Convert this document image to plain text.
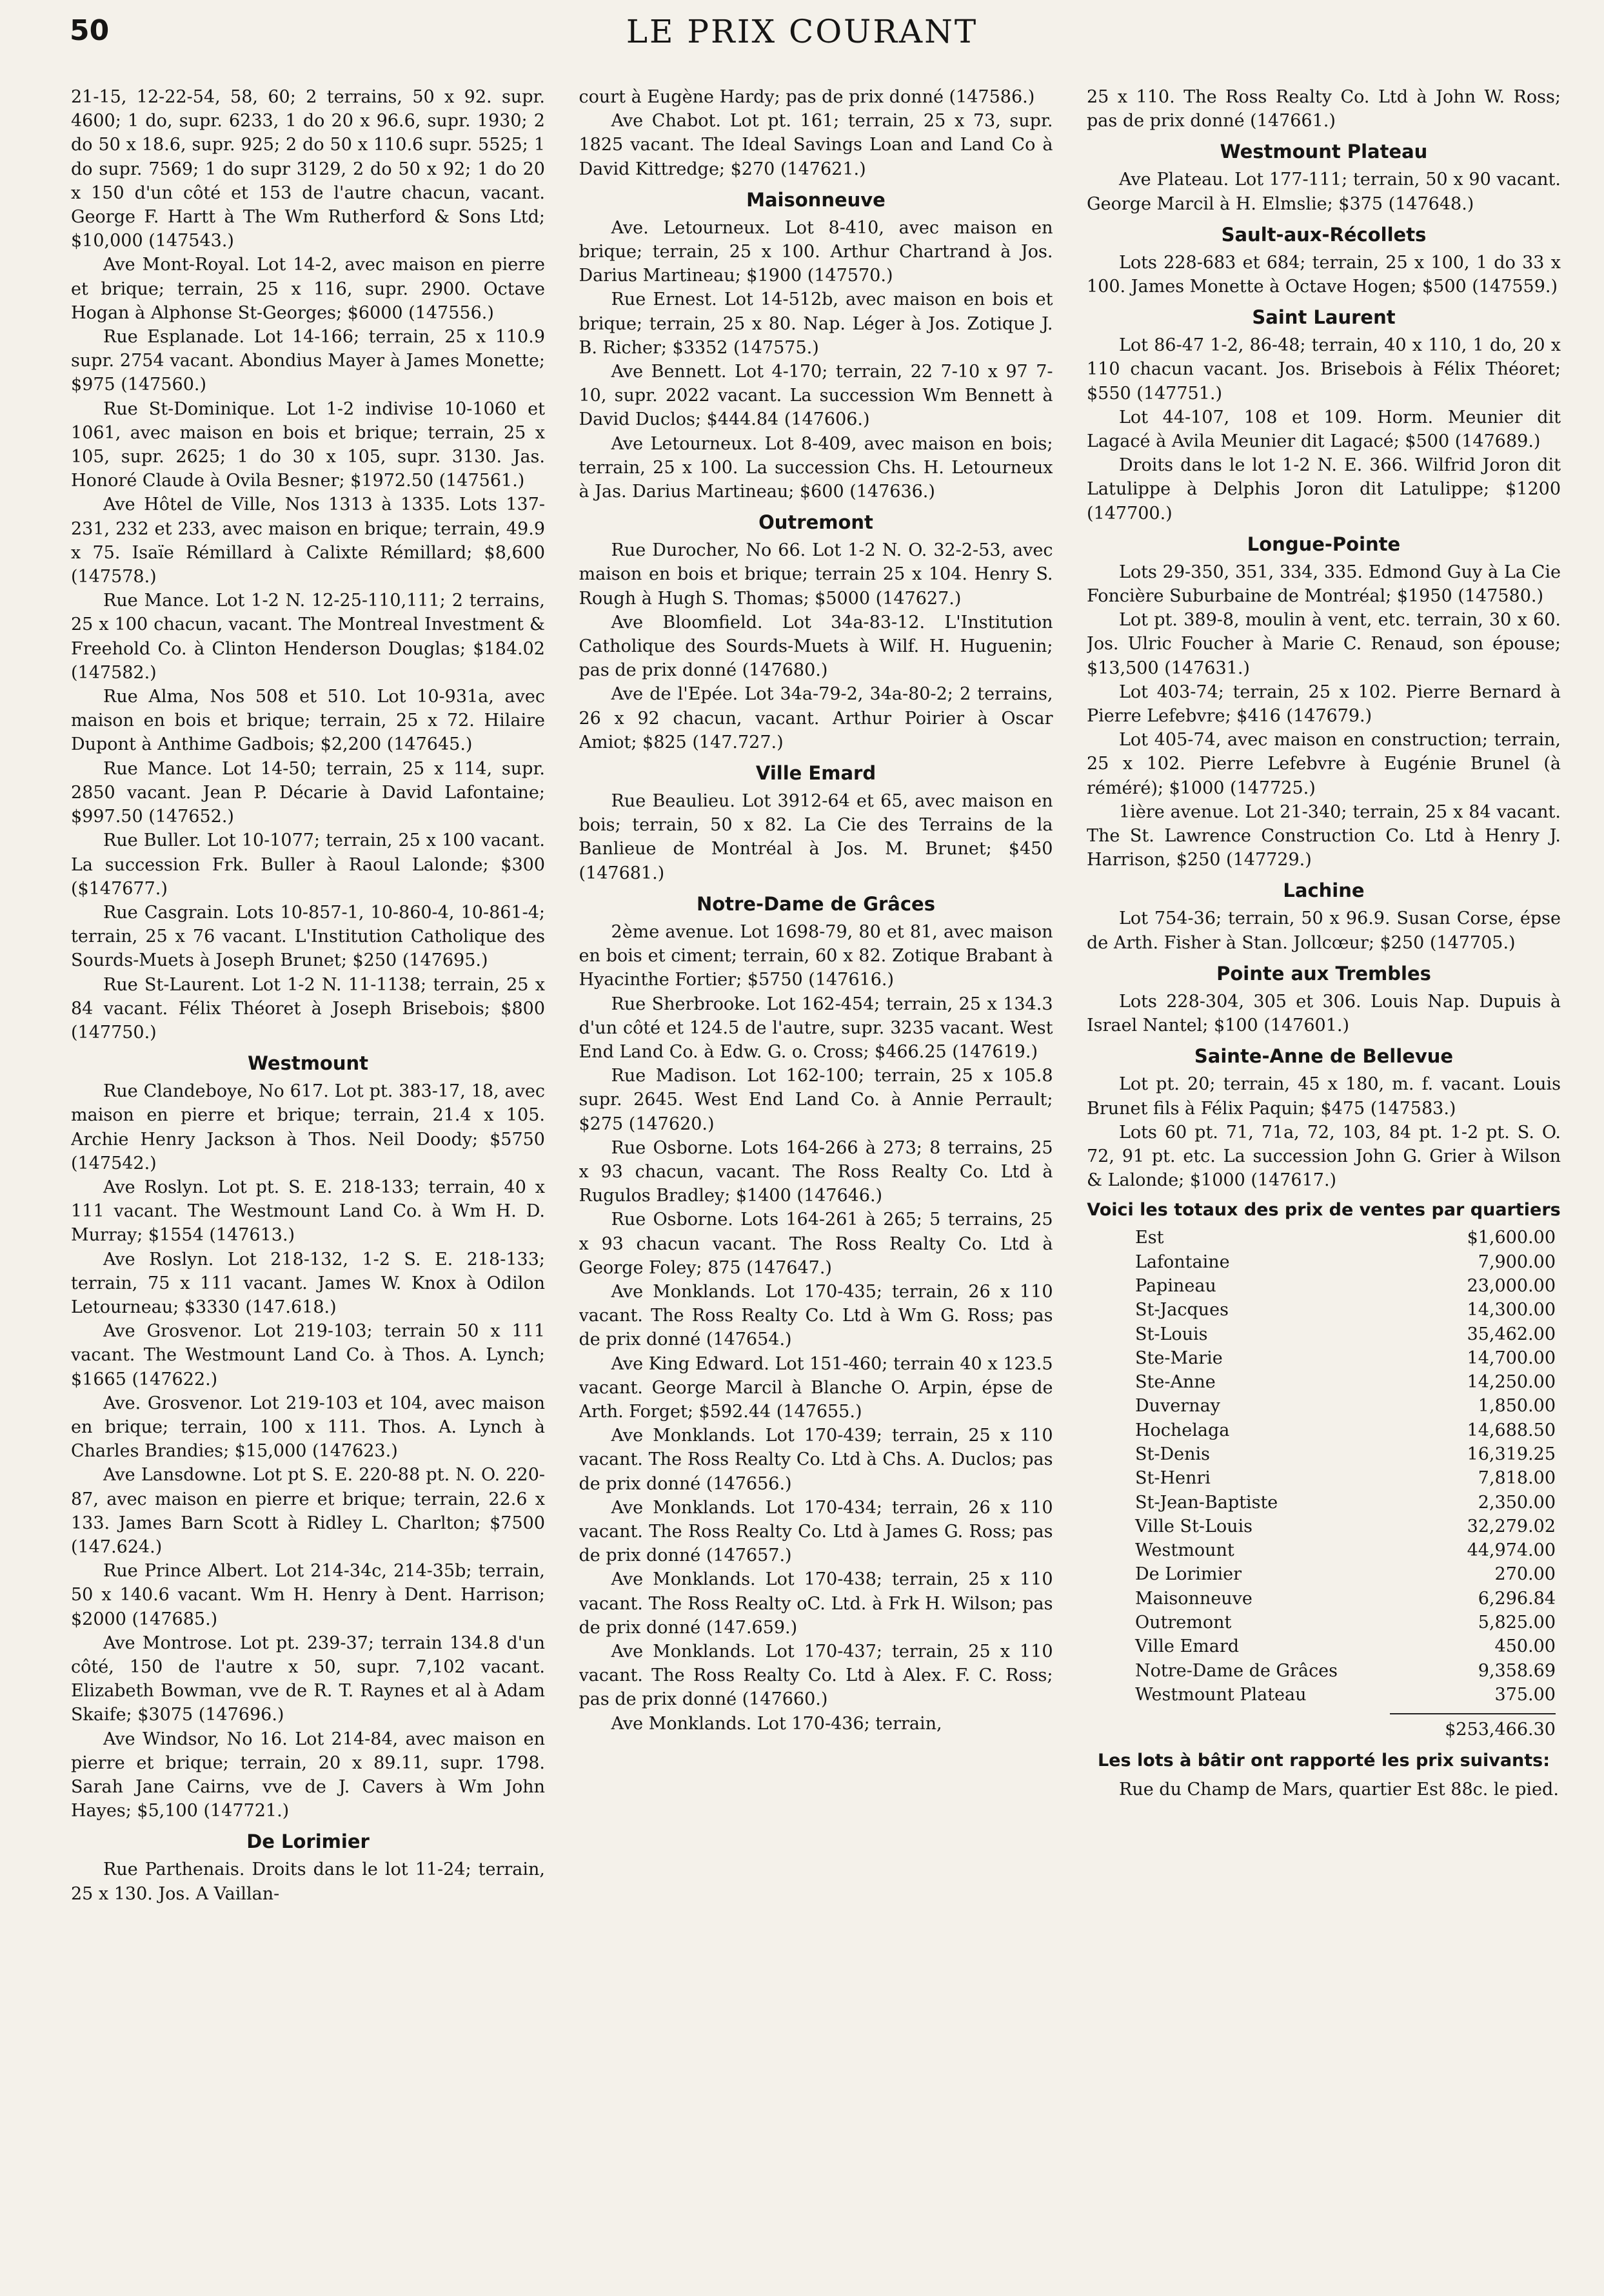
50	LE PRIX COURANT

21-15, 12-22-54, 58, 60; 2 terrains, 50 x 92. supr. 4600; 1 do, supr. 6233, 1 do 20 x 96.6, supr. 1930; 2 do 50 x 18.6, supr. 925; 2 do 50 x 110.6 supr. 5525; 1 do supr. 7569; 1 do supr 3129, 2 do 50 x 92; 1 do 20 x 150 d'un côté et 153 de l'autre chacun, vacant. George F. Hartt à The Wm Rutherford & Sons Ltd; $10,000 (147543.)

Ave Mont-Royal. Lot 14-2, avec maison en pierre et brique; terrain, 25 x 116, supr. 2900. Octave Hogan à Alphonse St-Georges; $6000 (147556.)

Rue Esplanade. Lot 14-166; terrain, 25 x 110.9 supr. 2754 vacant. Abondius Mayer à James Monette; $975 (147560.)

Rue St-Dominique. Lot 1-2 indivise 10-1060 et 1061, avec maison en bois et brique; terrain, 25 x 105, supr. 2625; 1 do 30 x 105, supr. 3130. Jas. Honoré Claude à Ovila Besner; $1972.50 (147561.)

Ave Hôtel de Ville, Nos 1313 à 1335. Lots 137-231, 232 et 233, avec maison en brique; terrain, 49.9 x 75. Isaïe Rémillard à Calixte Rémillard; $8,600 (147578.)

Rue Mance. Lot 1-2 N. 12-25-110,111; 2 terrains, 25 x 100 chacun, vacant. The Montreal Investment & Freehold Co. à Clinton Henderson Douglas; $184.02 (147582.)

Rue Alma, Nos 508 et 510. Lot 10-931a, avec maison en bois et brique; terrain, 25 x 72. Hilaire Dupont à Anthime Gadbois; $2,200 (147645.)

Rue Mance. Lot 14-50; terrain, 25 x 114, supr. 2850 vacant. Jean P. Décarie à David Lafontaine; $997.50 (147652.)

Rue Buller. Lot 10-1077; terrain, 25 x 100 vacant. La succession Frk. Buller à Raoul Lalonde; $300 ($147677.)

Rue Casgrain. Lots 10-857-1, 10-860-4, 10-861-4; terrain, 25 x 76 vacant. L'Institution Catholique des Sourds-Muets à Joseph Brunet; $250 (147695.)

Rue St-Laurent. Lot 1-2 N. 11-1138; terrain, 25 x 84 vacant. Félix Théoret à Joseph Brisebois; $800 (147750.)

Westmount

Rue Clandeboye, No 617. Lot pt. 383-17, 18, avec maison en pierre et brique; terrain, 21.4 x 105. Archie Henry Jackson à Thos. Neil Doody; $5750 (147542.)

Ave Roslyn. Lot pt. S. E. 218-133; terrain, 40 x 111 vacant. The Westmount Land Co. à Wm H. D. Murray; $1554 (147613.)

Ave Roslyn. Lot 218-132, 1-2 S. E. 218-133; terrain, 75 x 111 vacant. James W. Knox à Odilon Letourneau; $3330 (147.618.)

Ave Grosvenor. Lot 219-103; terrain 50 x 111 vacant. The Westmount Land Co. à Thos. A. Lynch; $1665 (147622.)

Ave. Grosvenor. Lot 219-103 et 104, avec maison en brique; terrain, 100 x 111. Thos. A. Lynch à Charles Brandies; $15,000 (147623.)

Ave Lansdowne. Lot pt S. E. 220-88 pt. N. O. 220-87, avec maison en pierre et brique; terrain, 22.6 x 133. James Barn Scott à Ridley L. Charlton; $7500 (147.624.)

Rue Prince Albert. Lot 214-34c, 214-35b; terrain, 50 x 140.6 vacant. Wm H. Henry à Dent. Harrison; $2000 (147685.)

Ave Montrose. Lot pt. 239-37; terrain 134.8 d'un côté, 150 de l'autre x 50, supr. 7,102 vacant. Elizabeth Bowman, vve de R. T. Raynes et al à Adam Skaife; $3075 (147696.)

Ave Windsor, No 16. Lot 214-84, avec maison en pierre et brique; terrain, 20 x 89.11, supr. 1798. Sarah Jane Cairns, vve de J. Cavers à Wm John Hayes; $5,100 (147721.)

De Lorimier

Rue Parthenais. Droits dans le lot 11-24; terrain, 25 x 130. Jos. A Vaillan-

court à Eugène Hardy; pas de prix donné (147586.)

Ave Chabot. Lot pt. 161; terrain, 25 x 73, supr. 1825 vacant. The Ideal Savings Loan and Land Co à David Kittredge; $270 (147621.)

Maisonneuve

Ave. Letourneux. Lot 8-410, avec maison en brique; terrain, 25 x 100. Arthur Chartrand à Jos. Darius Martineau; $1900 (147570.)

Rue Ernest. Lot 14-512b, avec maison en bois et brique; terrain, 25 x 80. Nap. Léger à Jos. Zotique J. B. Richer; $3352 (147575.)

Ave Bennett. Lot 4-170; terrain, 22 7-10 x 97 7-10, supr. 2022 vacant. La succession Wm Bennett à David Duclos; $444.84 (147606.)

Ave Letourneux. Lot 8-409, avec maison en bois; terrain, 25 x 100. La succession Chs. H. Letourneux à Jas. Darius Martineau; $600 (147636.)

Outremont

Rue Durocher, No 66. Lot 1-2 N. O. 32-2-53, avec maison en bois et brique; terrain 25 x 104. Henry S. Rough à Hugh S. Thomas; $5000 (147627.)

Ave Bloomfield. Lot 34a-83-12. L'Institution Catholique des Sourds-Muets à Wilf. H. Huguenin; pas de prix donné (147680.)

Ave de l'Epée. Lot 34a-79-2, 34a-80-2; 2 terrains, 26 x 92 chacun, vacant. Arthur Poirier à Oscar Amiot; $825 (147.727.)

Ville Emard

Rue Beaulieu. Lot 3912-64 et 65, avec maison en bois; terrain, 50 x 82. La Cie des Terrains de la Banlieue de Montréal à Jos. M. Brunet; $450 (147681.)

Notre-Dame de Grâces

2ème avenue. Lot 1698-79, 80 et 81, avec maison en bois et ciment; terrain, 60 x 82. Zotique Brabant à Hyacinthe Fortier; $5750 (147616.)

Rue Sherbrooke. Lot 162-454; terrain, 25 x 134.3 d'un côté et 124.5 de l'autre, supr. 3235 vacant. West End Land Co. à Edw. G. o. Cross; $466.25 (147619.)

Rue Madison. Lot 162-100; terrain, 25 x 105.8 supr. 2645. West End Land Co. à Annie Perrault; $275 (147620.)

Rue Osborne. Lots 164-266 à 273; 8 terrains, 25 x 93 chacun, vacant. The Ross Realty Co. Ltd à Rugulos Bradley; $1400 (147646.)

Rue Osborne. Lots 164-261 à 265; 5 terrains, 25 x 93 chacun vacant. The Ross Realty Co. Ltd à George Foley; 875 (147647.)

Ave Monklands. Lot 170-435; terrain, 26 x 110 vacant. The Ross Realty Co. Ltd à Wm G. Ross; pas de prix donné (147654.)

Ave King Edward. Lot 151-460; terrain 40 x 123.5 vacant. George Marcil à Blanche O. Arpin, épse de Arth. Forget; $592.44 (147655.)

Ave Monklands. Lot 170-439; terrain, 25 x 110 vacant. The Ross Realty Co. Ltd à Chs. A. Duclos; pas de prix donné (147656.)

Ave Monklands. Lot 170-434; terrain, 26 x 110 vacant. The Ross Realty Co. Ltd à James G. Ross; pas de prix donné (147657.)

Ave Monklands. Lot 170-438; terrain, 25 x 110 vacant. The Ross Realty oC. Ltd. à Frk H. Wilson; pas de prix donné (147.659.)

Ave Monklands. Lot 170-437; terrain, 25 x 110 vacant. The Ross Realty Co. Ltd à Alex. F. C. Ross; pas de prix donné (147660.)

Ave Monklands. Lot 170-436; terrain,

25 x 110. The Ross Realty Co. Ltd à John W. Ross; pas de prix donné (147661.)

Westmount Plateau

Ave Plateau. Lot 177-111; terrain, 50 x 90 vacant. George Marcil à H. Elmslie; $375 (147648.)

Sault-aux-Récollets

Lots 228-683 et 684; terrain, 25 x 100, 1 do 33 x 100. James Monette à Octave Hogen; $500 (147559.)

Saint Laurent

Lot 86-47 1-2, 86-48; terrain, 40 x 110, 1 do, 20 x 110 chacun vacant. Jos. Brisebois à Félix Théoret; $550 (147751.)

Lot 44-107, 108 et 109. Horm. Meunier dit Lagacé à Avila Meunier dit Lagacé; $500 (147689.)

Droits dans le lot 1-2 N. E. 366. Wilfrid Joron dit Latulippe à Delphis Joron dit Latulippe; $1200 (147700.)

Longue-Pointe

Lots 29-350, 351, 334, 335. Edmond Guy à La Cie Foncière Suburbaine de Montréal; $1950 (147580.)

Lot pt. 389-8, moulin à vent, etc. terrain, 30 x 60. Jos. Ulric Foucher à Marie C. Renaud, son épouse; $13,500 (147631.)

Lot 403-74; terrain, 25 x 102. Pierre Bernard à Pierre Lefebvre; $416 (147679.)

Lot 405-74, avec maison en construction; terrain, 25 x 102. Pierre Lefebvre à Eugénie Brunel (à réméré); $1000 (147725.)

1ière avenue. Lot 21-340; terrain, 25 x 84 vacant. The St. Lawrence Construction Co. Ltd à Henry J. Harrison, $250 (147729.)

Lachine

Lot 754-36; terrain, 50 x 96.9. Susan Corse, épse de Arth. Fisher à Stan. Jollcœur; $250 (147705.)

Pointe aux Trembles

Lots 228-304, 305 et 306. Louis Nap. Dupuis à Israel Nantel; $100 (147601.)

Sainte-Anne de Bellevue

Lot pt. 20; terrain, 45 x 180, m. f. vacant. Louis Brunet fils à Félix Paquin; $475 (147583.)

Lots 60 pt. 71, 71a, 72, 103, 84 pt. 1-2 pt. S. O. 72, 91 pt. etc. La succession John G. Grier à Wilson & Lalonde; $1000 (147617.)

Voici les totaux des prix de ventes par quartiers
Est	$1,600.00
Lafontaine	7,900.00
Papineau	23,000.00
St-Jacques	14,300.00
St-Louis	35,462.00
Ste-Marie	14,700.00
Ste-Anne	14,250.00
Duvernay	1,850.00
Hochelaga	14,688.50
St-Denis	16,319.25
St-Henri	7,818.00
St-Jean-Baptiste	2,350.00
Ville St-Louis	32,279.02
Westmount	44,974.00
De Lorimier	270.00
Maisonneuve	6,296.84
Outremont	5,825.00
Ville Emard	450.00
Notre-Dame de Grâces	9,358.69
Westmount Plateau	375.00
$253,466.30
Les lots à bâtir ont rapporté les prix suivants:

Rue du Champ de Mars, quartier Est 88c. le pied.
